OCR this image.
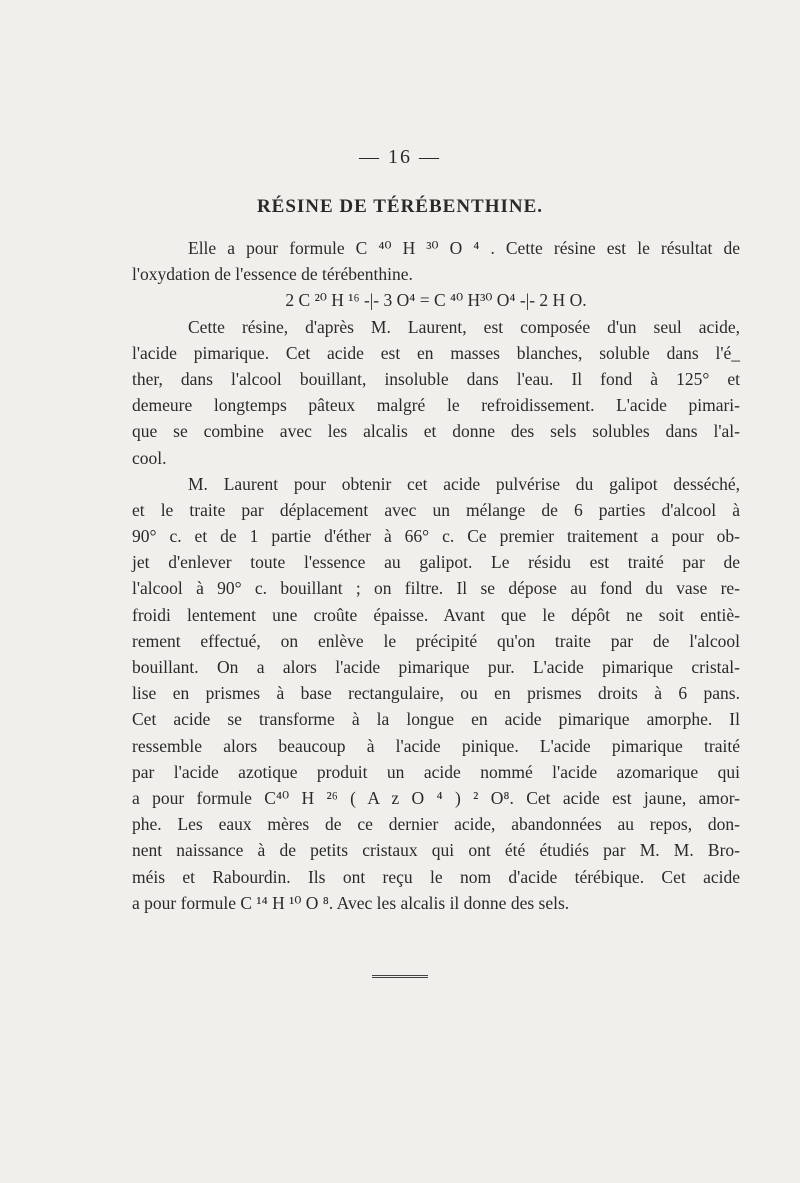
— 16 —
RÉSINE DE TÉRÉBENTHINE.
Elle a pour formule C ⁴⁰ H ³⁰ O ⁴ . Cette résine est le résultat de
l'oxydation de l'essence de térébenthine.
2 C ²⁰ H ¹⁶ -|- 3 O⁴ = C ⁴⁰ H³⁰ O⁴ -|- 2 H O.
Cette résine, d'après M. Laurent, est composée d'un seul acide,
l'acide pimarique. Cet acide est en masses blanches, soluble dans l'é_
ther, dans l'alcool bouillant, insoluble dans l'eau. Il fond à 125° et
demeure longtemps pâteux malgré le refroidissement. L'acide pimari-
que se combine avec les alcalis et donne des sels solubles dans l'al-
cool.
M. Laurent pour obtenir cet acide pulvérise du galipot desséché,
et le traite par déplacement avec un mélange de 6 parties d'alcool à
90° c. et de 1 partie d'éther à 66° c. Ce premier traitement a pour ob-
jet d'enlever toute l'essence au galipot. Le résidu est traité par de
l'alcool à 90° c. bouillant ; on filtre. Il se dépose au fond du vase re-
froidi lentement une croûte épaisse. Avant que le dépôt ne soit entiè-
rement effectué, on enlève le précipité qu'on traite par de l'alcool
bouillant. On a alors l'acide pimarique pur. L'acide pimarique cristal-
lise en prismes à base rectangulaire, ou en prismes droits à 6 pans.
Cet acide se transforme à la longue en acide pimarique amorphe. Il
ressemble alors beaucoup à l'acide pinique. L'acide pimarique traité
par l'acide azotique produit un acide nommé l'acide azomarique qui
a pour formule C⁴⁰ H ²⁶ ( A z O ⁴ ) ² O⁸. Cet acide est jaune, amor-
phe. Les eaux mères de ce dernier acide, abandonnées au repos, don-
nent naissance à de petits cristaux qui ont été étudiés par M. M. Bro-
méis et Rabourdin. Ils ont reçu le nom d'acide térébique. Cet acide
a pour formule C ¹⁴ H ¹⁰ O ⁸. Avec les alcalis il donne des sels.
